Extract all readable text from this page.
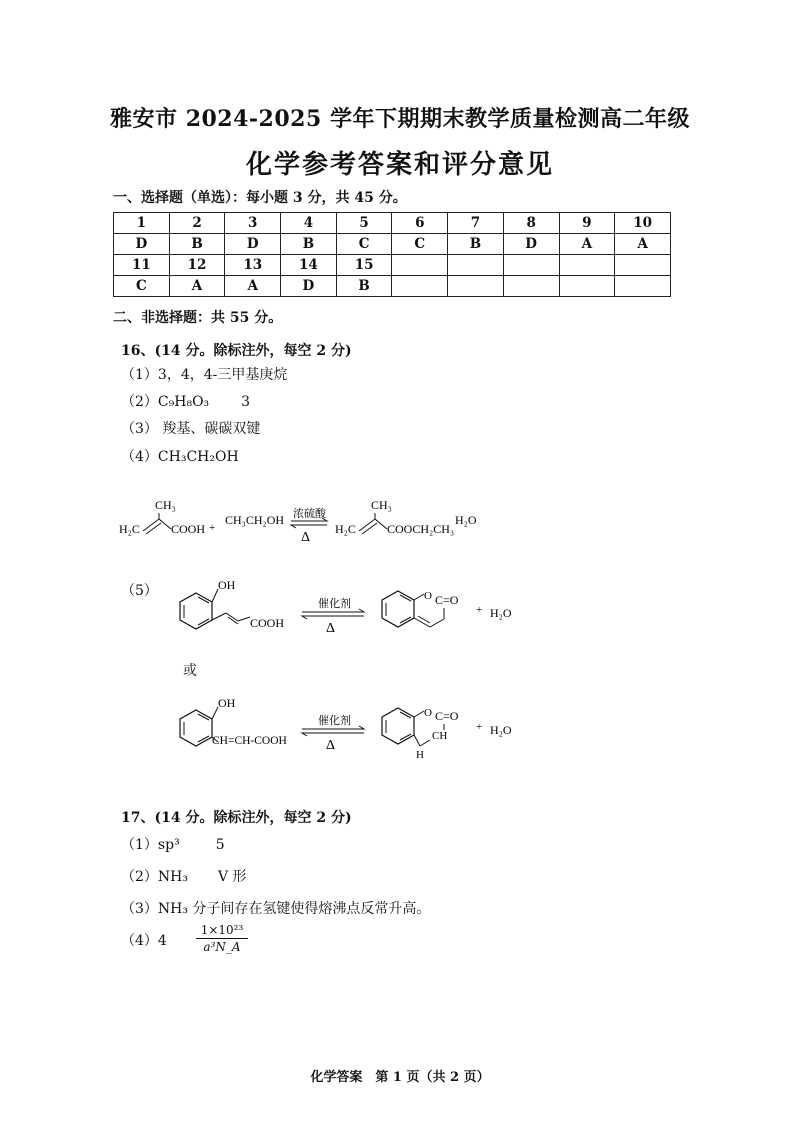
雅安市 2024-2025 学年下期期末教学质量检测高二年级
化学参考答案和评分意见
一、选择题（单选）：每小题 3 分，共 45 分。
1	2	3	4	5	6	7	8	9	10
D	B	D	B	C	C	B	D	A	A
11	12	13	14	15					
C	A	A	D	B					
二、非选择题：共 55 分。
16、(14 分。除标注外，每空 2 分)
（1）3，4，4-三甲基庚烷
（2）C₉H₈O₃ 3
（3） 羧基、碳碳双键
（4）CH₃CH₂OH
CH₃
H₂C	COOH +
CH₃CH₂OH 浓硫酸
Δ
CH₃
H₂C	COOCH₂CH₃
H₂O
（5）	OH
COOH
催化剂
Δ
O C=O
+ H₂O
或
OH
CH=CH-COOH
催化剂
Δ
O C=O
CH
H
+ H₂O
17、(14 分。除标注外，每空 2 分)
（1）sp³	5
（2）NH₃ V 形
（3）NH₃ 分子间存在氢键使得熔沸点反常升高。
$(4)4 \frac{\text{1×10²³}}{\text{a³N\_A}}$
化学答案　第 1 页（共 2 页）
